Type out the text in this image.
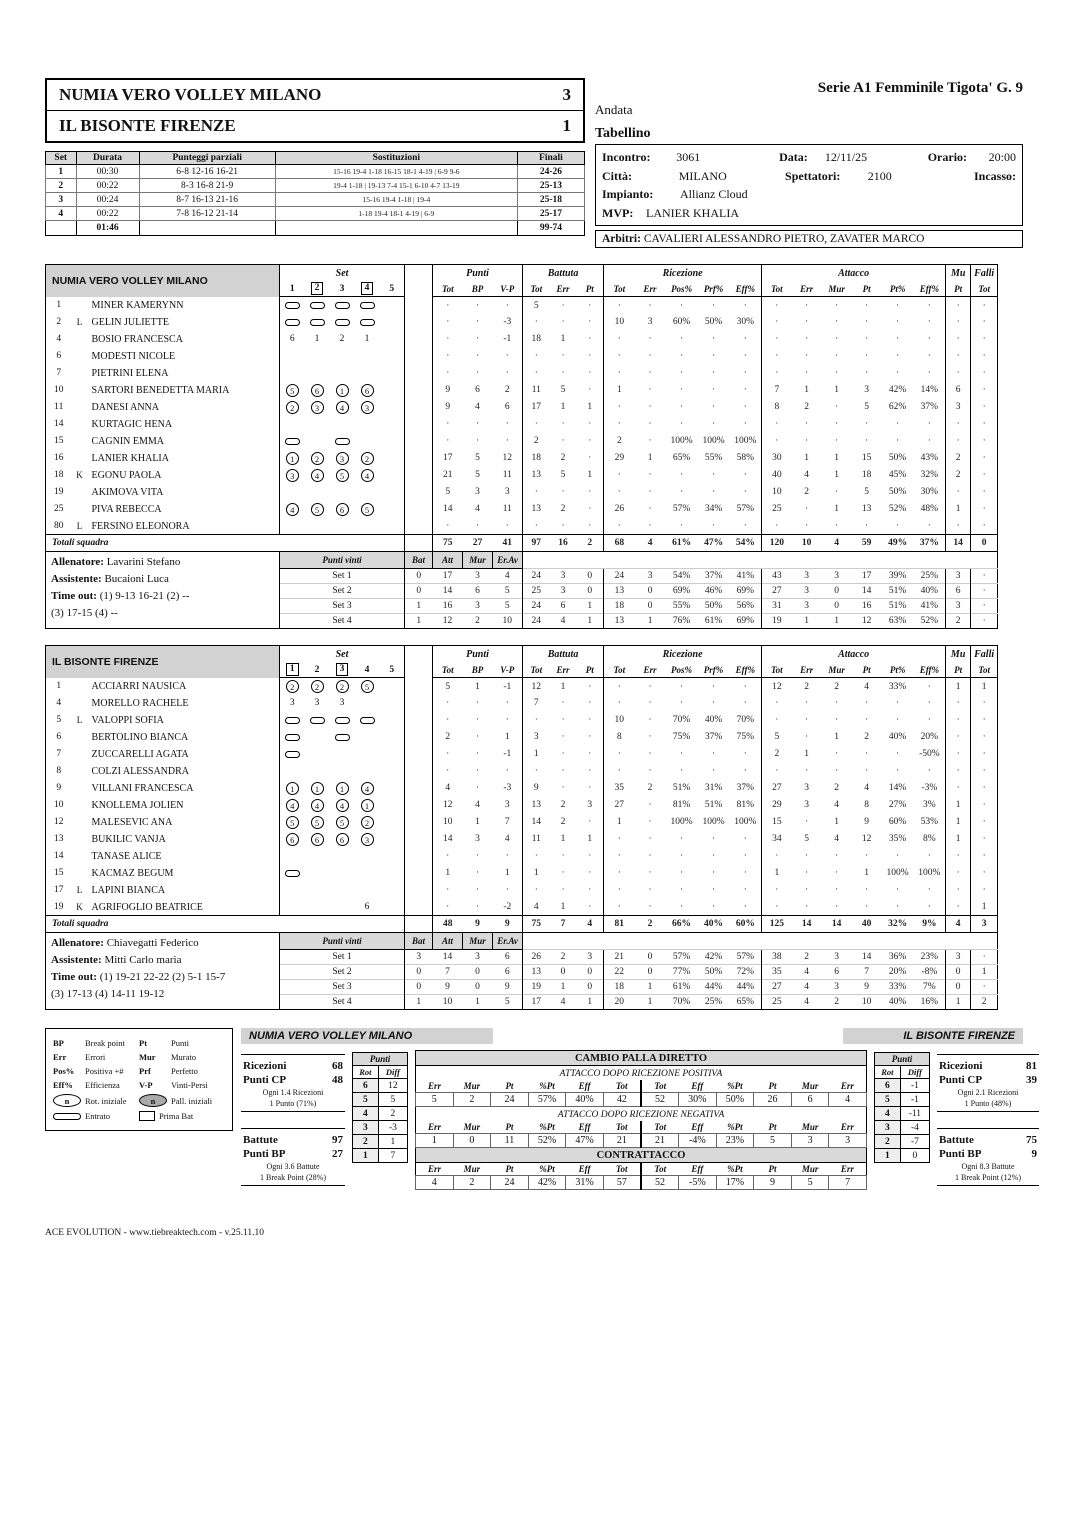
NUMIA VERO VOLLEY MILANO	3
IL BISONTE FIRENZE	1
Set	Durata	Punteggi parziali	Sostituzioni	Finali
1	00:30	6-8 12-16 16-21	15-16 19-4 1-18 16-15 18-1 4-19 | 6-9 9-6	24-26
2	00:22	8-3 16-8 21-9	19-4 1-18 | 19-13 7-4 15-1 6-10 4-7 13-19	25-13
3	00:24	8-7 16-13 21-16	15-16 19-4 1-18 | 19-4	25-18
4	00:22	7-8 16-12 21-14	1-18 19-4 18-1 4-19 | 6-9	25-17
	01:46			99-74
Serie A1 Femminile Tigota' G. 9
Andata
Tabellino
Incontro:	3061	Data:	12/11/25	Orario:	20:00
Città:	MILANO	Spettatori:	2100	Incasso:
Impianto:	Allianz Cloud
MVP:	LANIER KHALIA
Arbitri: CAVALIERI ALESSANDRO PIETRO, ZAVATER MARCO
NUMIA VERO VOLLEY MILANO			Set						Punti			Battuta			Ricezione					Attacco						Mu	Falli
			1	2	3	4	5		Tot	BP	V-P	Tot	Err	Pt	Tot	Err	Pos%	Prf%	Eff%	Tot	Err	Mur	Pt	Pt%	Eff%	Pt	Tot
1		MINER KAMERYNN							·	·	·	5	·	·	·	·	·	·	·	·	·	·	·	·	·	·	·
2	L	GELIN JULIETTE							·	·	-3	·	·	·	10	3	60%	50%	30%	·	·	·	·	·	·	·	·
4		BOSIO FRANCESCA	6	1	2	1			·	·	-1	18	1	·	·	·	·	·	·	·	·	·	·	·	·	·	·
6		MODESTI NICOLE							·	·	·	·	·	·	·	·	·	·	·	·	·	·	·	·	·	·	·
7		PIETRINI ELENA							·	·	·	·	·	·	·	·	·	·	·	·	·	·	·	·	·	·	·
10		SARTORI BENEDETTA MARIA	5	6	1	6			9	6	2	11	5	·	1	·	·	·	·	7	1	1	3	42%	14%	6	·
11		DANESI ANNA	2	3	4	3			9	4	6	17	1	1	·	·	·	·	·	8	2	·	5	62%	37%	3	·
14		KURTAGIC HENA							·	·	·	·	·	·	·	·	·	·	·	·	·	·	·	·	·	·	·
15		CAGNIN EMMA							·	·	·	2	·	·	2	·	100%	100%	100%	·	·	·	·	·	·	·	·
16		LANIER KHALIA	1	2	3	2			17	5	12	18	2	·	29	1	65%	55%	58%	30	1	1	15	50%	43%	2	·
18	K	EGONU PAOLA	3	4	5	4			21	5	11	13	5	1	·	·	·	·	·	40	4	1	18	45%	32%	2	·
19		AKIMOVA VITA							5	3	3	·	·	·	·	·	·	·	·	10	2	·	5	50%	30%	·	·
25		PIVA REBECCA	4	5	6	5			14	4	11	13	2	·	26	·	57%	34%	57%	25	·	1	13	52%	48%	1	·
80	L	FERSINO ELEONORA							·	·	·	·	·	·	·	·	·	·	·	·	·	·	·	·	·	·	·
Totali squadra									75	27	41	97	16	2	68	4	61%	47%	54%	120	10	4	59	49%	37%	14	0

Allenatore: Lavarini Stefano
Assistente: Bucaioni Luca
Time out: (1) 9-13 16-21 (2) --
(3) 17-15 (4) --			Punti vinti					Bat	Att	Mur	Er.Av																
			Set 1					0	17	3	4	24	3	0	24	3	54%	37%	41%	43	3	3	17	39%	25%	3	·
			Set 2					0	14	6	5	25	3	0	13	0	69%	46%	69%	27	3	0	14	51%	40%	6	·
			Set 3					1	16	3	5	24	6	1	18	0	55%	50%	56%	31	3	0	16	51%	41%	3	·
			Set 4					1	12	2	10	24	4	1	13	1	76%	61%	69%	19	1	1	12	63%	52%	2	·
IL BISONTE FIRENZE			Set						Punti			Battuta			Ricezione					Attacco						Mu	Falli
			1	2	3	4	5		Tot	BP	V-P	Tot	Err	Pt	Tot	Err	Pos%	Prf%	Eff%	Tot	Err	Mur	Pt	Pt%	Eff%	Pt	Tot
1		ACCIARRI NAUSICA	2	2	2	5			5	1	-1	12	1	·	·	·	·	·	·	12	2	2	4	33%	·	1	1
4		MORELLO RACHELE	3	3	3				·	·	·	7	·	·	·	·	·	·	·	·	·	·	·	·	·	·	·
5	L	VALOPPI SOFIA							·	·	·	·	·	·	10	·	70%	40%	70%	·	·	·	·	·	·	·	·
6		BERTOLINO BIANCA							2	·	1	3	·	·	8	·	75%	37%	75%	5	·	1	2	40%	20%	·	·
7		ZUCCARELLI AGATA							·	·	-1	1	·	·	·	·	·	·	·	2	1	·	·	·	-50%	·	·
8		COLZI ALESSANDRA							·	·	·	·	·	·	·	·	·	·	·	·	·	·	·	·	·	·	·
9		VILLANI FRANCESCA	1	1	1	4			4	·	-3	9	·	·	35	2	51%	31%	37%	27	3	2	4	14%	-3%	·	·
10		KNOLLEMA JOLIEN	4	4	4	1			12	4	3	13	2	3	27	·	81%	51%	81%	29	3	4	8	27%	3%	1	·
12		MALESEVIC ANA	5	5	5	2			10	1	7	14	2	·	1	·	100%	100%	100%	15	·	1	9	60%	53%	1	·
13		BUKILIC VANJA	6	6	6	3			14	3	4	11	1	1	·	·	·	·	·	34	5	4	12	35%	8%	1	·
14		TANASE ALICE							·	·	·	·	·	·	·	·	·	·	·	·	·	·	·	·	·	·	·
15		KACMAZ BEGUM							1	·	1	1	·	·	·	·	·	·	·	1	·	·	1	100%	100%	·	·
17	L	LAPINI BIANCA							·	·	·	·	·	·	·	·	·	·	·	·	·	·	·	·	·	·	·
19	K	AGRIFOGLIO BEATRICE				6			·	·	-2	4	1	·	·	·	·	·	·	·	·	·	·	·	·	·	1
Totali squadra									48	9	9	75	7	4	81	2	66%	40%	60%	125	14	14	40	32%	9%	4	3

Allenatore: Chiavegatti Federico
Assistente: Mitti Carlo maria
Time out: (1) 19-21 22-22 (2) 5-1 15-7
(3) 17-13 (4) 14-11 19-12			Punti vinti					Bat	Att	Mur	Er.Av																
			Set 1					3	14	3	6	26	2	3	21	0	57%	42%	57%	38	2	3	14	36%	23%	3	·
			Set 2					0	7	0	6	13	0	0	22	0	77%	50%	72%	35	4	6	7	20%	-8%	0	1
			Set 3					0	9	0	9	19	1	0	18	1	61%	44%	44%	27	4	3	9	33%	7%	0	·
			Set 4					1	10	1	5	17	4	1	20	1	70%	25%	65%	25	4	2	10	40%	16%	1	2
BP	Break point Pt	Punti
Err	Errori	Mur	Murato
Pos%	Positiva +# Prf	Perfetto
Eff%	Efficienza V-P	Vinti-Persi
n	Rot. iniziale	n	Pall. iniziali
Entrato	Prima Bat
NUMIA VERO VOLLEY MILANO	IL BISONTE FIRENZE
Ricezioni	68
Punti CP	48
Ogni 1.4 Ricezioni
1 Punto (71%)
Battute	97
Punti BP	27
Ogni 3.6 Battute
1 Break Point (28%)
Punti	
Rot	Diff
6	12
5	5
4	2
3	-3
2	1
1	7
CAMBIO PALLA DIRETTO											
ATTACCO DOPO RICEZIONE POSITIVA											
Err	Mur	Pt	%Pt	Eff	Tot	Tot	Eff	%Pt	Pt	Mur	Err
5	2	24	57%	40%	42	52	30%	50%	26	6	4
ATTACCO DOPO RICEZIONE NEGATIVA											
Err	Mur	Pt	%Pt	Eff	Tot	Tot	Eff	%Pt	Pt	Mur	Err
1	0	11	52%	47%	21	21	-4%	23%	5	3	3
CONTRATTACCO											
Err	Mur	Pt	%Pt	Eff	Tot	Tot	Eff	%Pt	Pt	Mur	Err
4	2	24	42%	31%	57	52	-5%	17%	9	5	7
Punti	
Rot	Diff
6	-1
5	-1
4	-11
3	-4
2	-7
1	0
Ricezioni	81
Punti CP	39
Ogni 2.1 Ricezioni
1 Punto (48%)
Battute	75
Punti BP	9
Ogni 8.3 Battute
1 Break Point (12%)
ACE EVOLUTION - www.tiebreaktech.com - v.25.11.10
